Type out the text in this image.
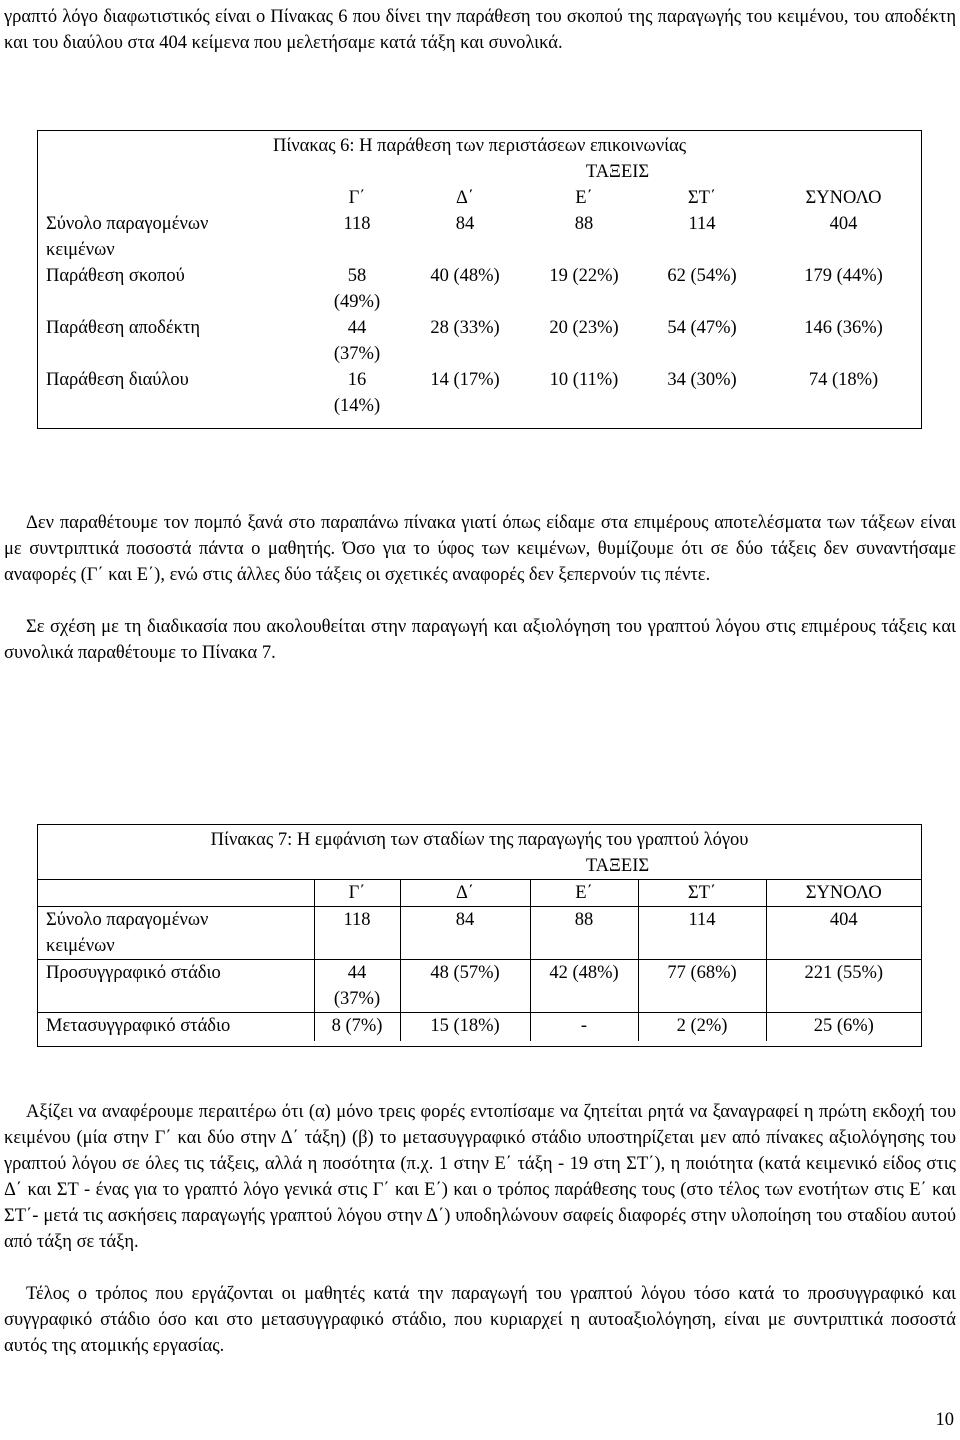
γραπτό λόγο διαφωτιστικός είναι ο Πίνακας 6 που δίνει την παράθεση του σκοπού της παραγωγής του κειμένου, του αποδέκτη και του διαύλου στα 404 κείμενα που μελετήσαμε κατά τάξη και συνολικά.

Πίνακας 6: Η παράθεση των περιστάσεων επικοινωνίας					
	ΤΑΞΕΙΣ				
	Γ΄	Δ΄	Ε΄	ΣΤ΄	ΣΥΝΟΛΟ
Σύνολο παραγομένων κειμένων	118	84	88	114	404
Παράθεση σκοπού	58 (49%)	40 (48%)	19 (22%)	62 (54%)	179 (44%)
Παράθεση αποδέκτη	44 (37%)	28 (33%)	20 (23%)	54 (47%)	146 (36%)
Παράθεση διαύλου	16 (14%)	14 (17%)	10 (11%)	34 (30%)	74 (18%)

Δεν παραθέτουμε τον πομπό ξανά στο παραπάνω πίνακα γιατί όπως είδαμε στα επιμέρους αποτελέσματα των τάξεων είναι με συντριπτικά ποσοστά πάντα ο μαθητής. Όσο για το ύφος των κειμένων, θυμίζουμε ότι σε δύο τάξεις δεν συναντήσαμε αναφορές (Γ΄ και Ε΄), ενώ στις άλλες δύο τάξεις οι σχετικές αναφορές δεν ξεπερνούν τις πέντε.

Σε σχέση με τη διαδικασία που ακολουθείται στην παραγωγή και αξιολόγηση του γραπτού λόγου στις επιμέρους τάξεις και συνολικά παραθέτουμε το Πίνακα 7.

Πίνακας 7: Η εμφάνιση των σταδίων της παραγωγής του γραπτού λόγου					
	ΤΑΞΕΙΣ				
	Γ΄	Δ΄	Ε΄	ΣΤ΄	ΣΥΝΟΛΟ
Σύνολο παραγομένων κειμένων	118	84	88	114	404
Προσυγγραφικό στάδιο	44 (37%)	48 (57%)	42 (48%)	77 (68%)	221 (55%)
Μετασυγγραφικό στάδιο	8 (7%)	15 (18%)	-	2 (2%)	25 (6%)

Αξίζει να αναφέρουμε περαιτέρω ότι (α) μόνο τρεις φορές εντοπίσαμε να ζητείται ρητά να ξαναγραφεί η πρώτη εκδοχή του κειμένου (μία στην Γ΄ και δύο στην Δ΄ τάξη) (β) το μετασυγγραφικό στάδιο υποστηρίζεται μεν από πίνακες αξιολόγησης του γραπτού λόγου σε όλες τις τάξεις, αλλά η ποσότητα (π.χ. 1 στην Ε΄ τάξη - 19 στη ΣΤ΄), η ποιότητα (κατά κειμενικό είδος στις Δ΄ και ΣΤ - ένας για το γραπτό λόγο γενικά στις Γ΄ και Ε΄) και ο τρόπος παράθεσης τους (στο τέλος των ενοτήτων στις Ε΄ και ΣΤ΄- μετά τις ασκήσεις παραγωγής γραπτού λόγου στην Δ΄) υποδηλώνουν σαφείς διαφορές στην υλοποίηση του σταδίου αυτού από τάξη σε τάξη.

Τέλος ο τρόπος που εργάζονται οι μαθητές κατά την παραγωγή του γραπτού λόγου τόσο κατά το προσυγγραφικό και συγγραφικό στάδιο όσο και στο μετασυγγραφικό στάδιο, που κυριαρχεί η αυτοαξιολόγηση, είναι με συντριπτικά ποσοστά αυτός της ατομικής εργασίας.

10
